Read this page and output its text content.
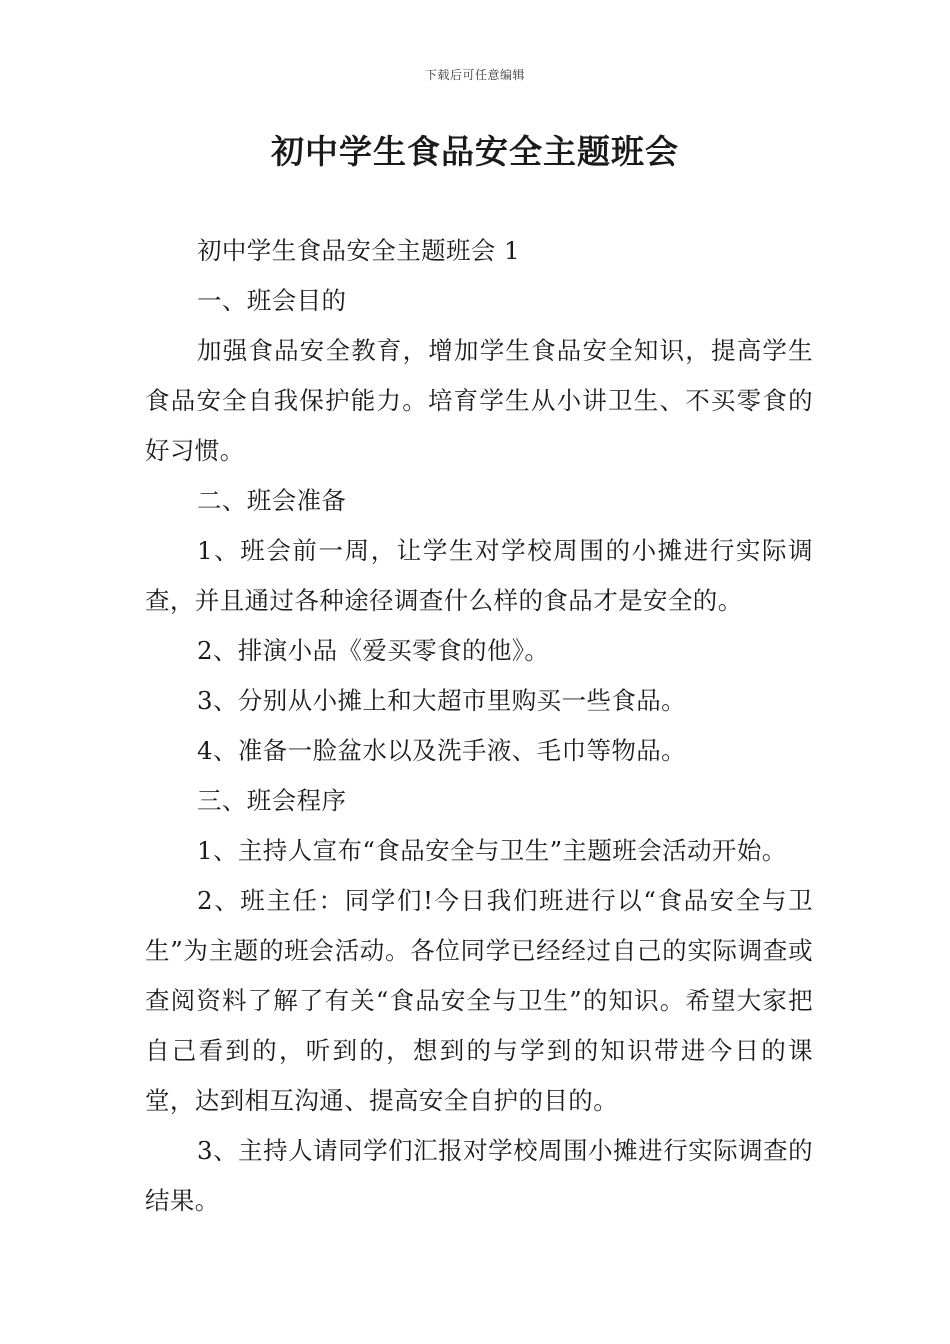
下载后可任意编辑
初中学生食品安全主题班会

初中学生食品安全主题班会 1

一、班会目的

加强食品安全教育，增加学生食品安全知识，提高学生食品安全自我保护能力。培育学生从小讲卫生、不买零食的好习惯。

二、班会准备

1、班会前一周，让学生对学校周围的小摊进行实际调查，并且通过各种途径调查什么样的食品才是安全的。

2、排演小品《爱买零食的他》。

3、分别从小摊上和大超市里购买一些食品。

4、准备一脸盆水以及洗手液、毛巾等物品。

三、班会程序

1、主持人宣布“食品安全与卫生”主题班会活动开始。

2、班主任：同学们!今日我们班进行以“食品安全与卫生”为主题的班会活动。各位同学已经经过自己的实际调查或查阅资料了解了有关“食品安全与卫生”的知识。希望大家把自己看到的，听到的，想到的与学到的知识带进今日的课堂，达到相互沟通、提高安全自护的目的。

3、主持人请同学们汇报对学校周围小摊进行实际调查的结果。
